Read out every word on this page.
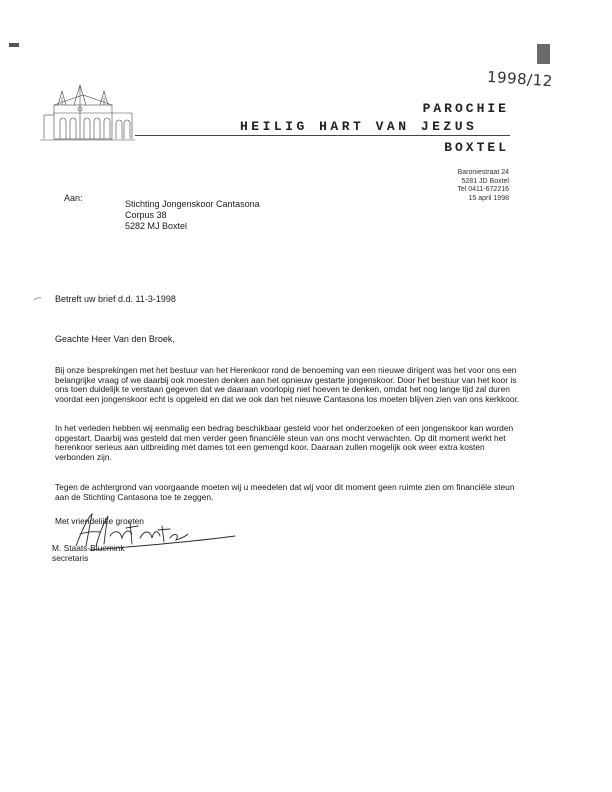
1998/12
PAROCHIE
HEILIG HART VAN JEZUS
BOXTEL
Baroniestraat 24
5281 JD Boxtel
Tel 0411-672216
15 april 1998
Aan:
Stichting Jongenskoor Cantasona
Corpus 38
5282 MJ Boxtel
Betreft uw brief d.d. 11-3-1998
Geachte Heer Van den Broek,
Bij onze besprekingen met het bestuur van het Herenkoor rond de benoeming van een nieuwe dirigent was het voor ons een belangrijke vraag of we daarbij ook moesten denken aan het opnieuw gestarte jongenskoor. Door het bestuur van het koor is ons toen duidelijk te verstaan gegeven dat we daaraan voorlopig niet hoeven te denken, omdat het nog lange tijd zal duren voordat een jongenskoor echt is opgeleid en dat we ook dan het nieuwe Cantasona los moeten blijven zien van ons kerkkoor.
In het verleden hebben wij eenmalig een bedrag beschikbaar gesteld voor het onderzoeken of een jongenskoor kan worden opgestart. Daarbij was gesteld dat men verder geen financiële steun van ons mocht verwachten. Op dit moment werkt het herenkoor serieus aan uitbreiding met dames tot een gemengd koor. Daaraan zullen mogelijk ook weer extra kosten verbonden zijn.
Tegen de achtergrond van voorgaande moeten wij u meedelen dat wij voor dit moment geen ruimte zien om financiële steun aan de Stichting Cantasona toe te zeggen.
Met vriendelijke groeten
M. Staats-Bluemink
secretaris
